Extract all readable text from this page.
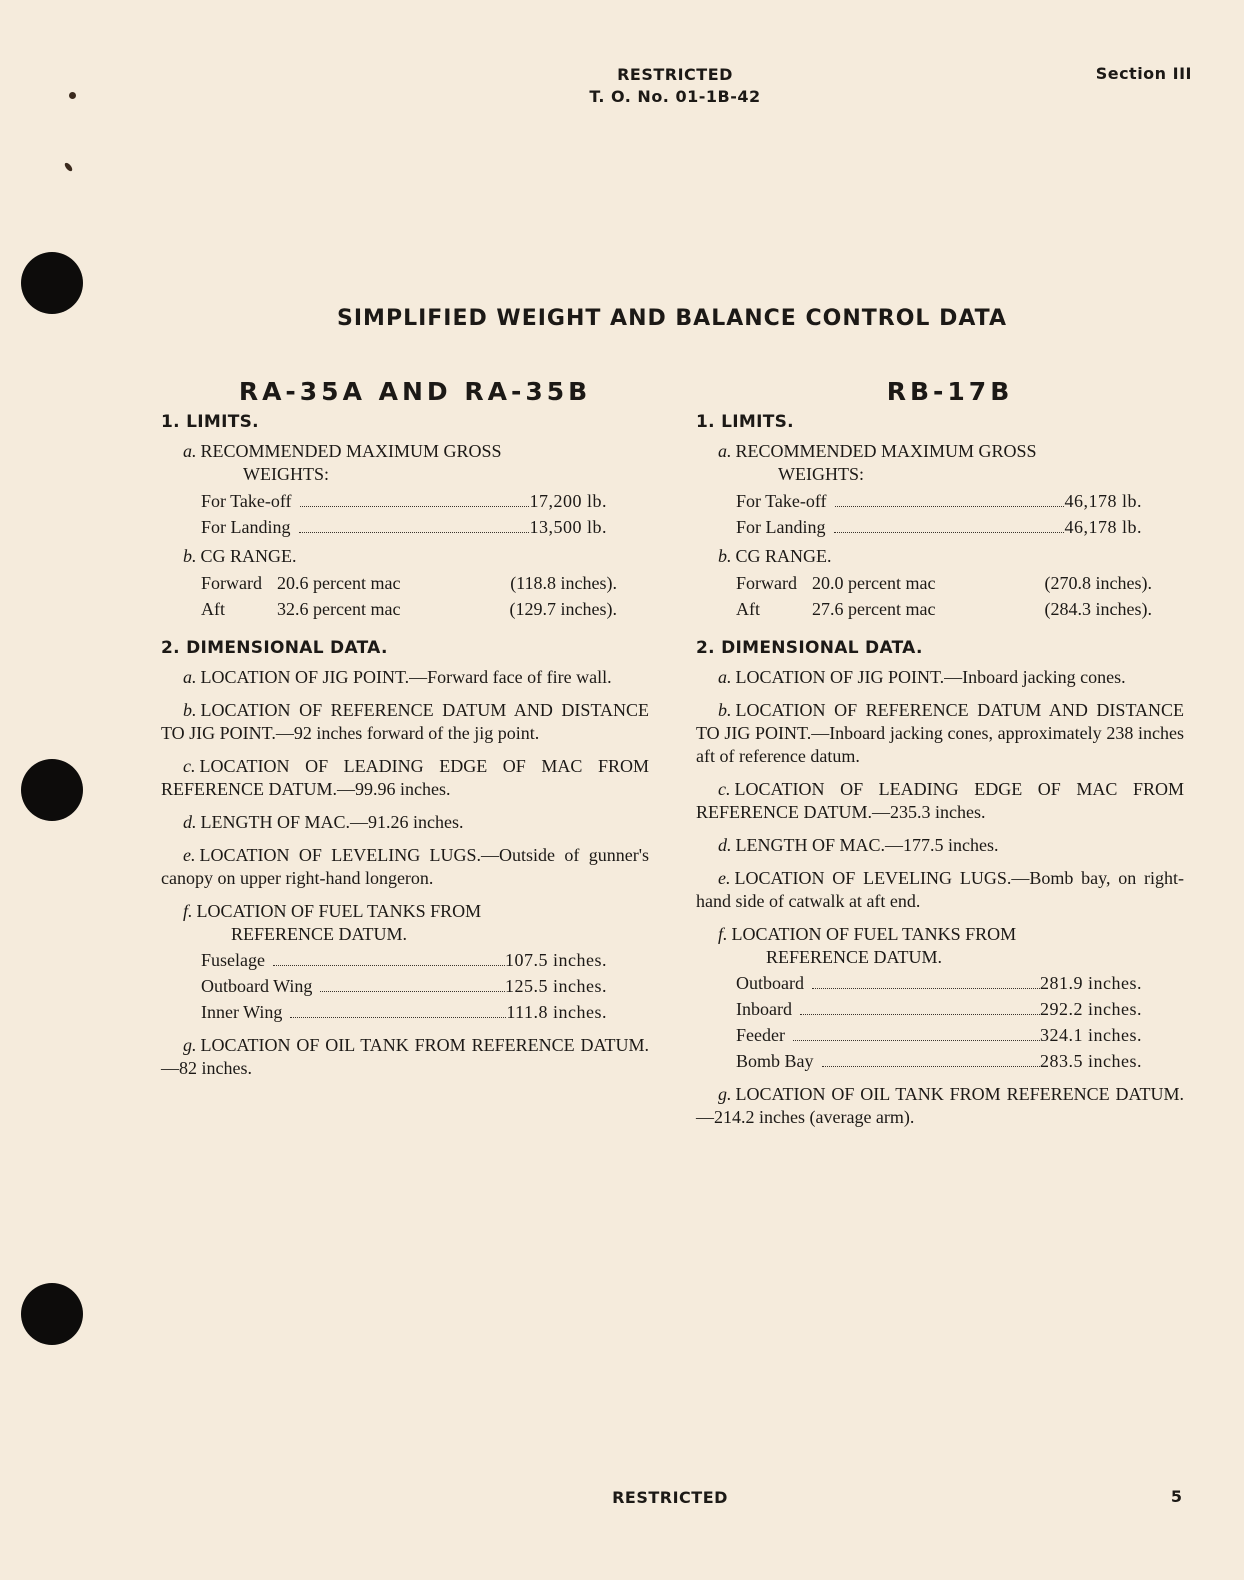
RESTRICTED
T. O. No. 01-1B-42
Section III
SIMPLIFIED WEIGHT AND BALANCE CONTROL DATA
RA-35A AND RA-35B
1. LIMITS.
a. RECOMMENDED MAXIMUM GROSS
WEIGHTS:
For Take-off	17,200 lb.
For Landing	13,500 lb.
b. CG RANGE.
Forward 20.6 percent mac	(118.8 inches).
Aft	32.6 percent mac	(129.7 inches).
2. DIMENSIONAL DATA.

a. LOCATION OF JIG POINT.—Forward face of fire wall.

b. LOCATION OF REFERENCE DATUM AND DISTANCE TO JIG POINT.—92 inches forward of the jig point.

c. LOCATION OF LEADING EDGE OF MAC FROM REFERENCE DATUM.—99.96 inches.

d. LENGTH OF MAC.—91.26 inches.

e. LOCATION OF LEVELING LUGS.—Outside of gunner's canopy on upper right-hand longeron.

f. LOCATION OF FUEL TANKS FROM
REFERENCE DATUM.
Fuselage	107.5 inches.
Outboard Wing	125.5 inches.
Inner Wing	111.8 inches.

g. LOCATION OF OIL TANK FROM REFERENCE DATUM.—82 inches.

RB-17B
1. LIMITS.
a. RECOMMENDED MAXIMUM GROSS
WEIGHTS:
For Take-off	46,178 lb.
For Landing	46,178 lb.
b. CG RANGE.
Forward 20.0 percent mac	(270.8 inches).
Aft	27.6 percent mac	(284.3 inches).
2. DIMENSIONAL DATA.

a. LOCATION OF JIG POINT.—Inboard jacking cones.

b. LOCATION OF REFERENCE DATUM AND DISTANCE TO JIG POINT.—Inboard jacking cones, approximately 238 inches aft of reference datum.

c. LOCATION OF LEADING EDGE OF MAC FROM REFERENCE DATUM.—235.3 inches.

d. LENGTH OF MAC.—177.5 inches.

e. LOCATION OF LEVELING LUGS.—Bomb bay, on right-hand side of catwalk at aft end.

f. LOCATION OF FUEL TANKS FROM
REFERENCE DATUM.
Outboard	281.9 inches.
Inboard	292.2 inches.
Feeder	324.1 inches.
Bomb Bay	283.5 inches.

g. LOCATION OF OIL TANK FROM REFERENCE DATUM.—214.2 inches (average arm).

RESTRICTED	5
